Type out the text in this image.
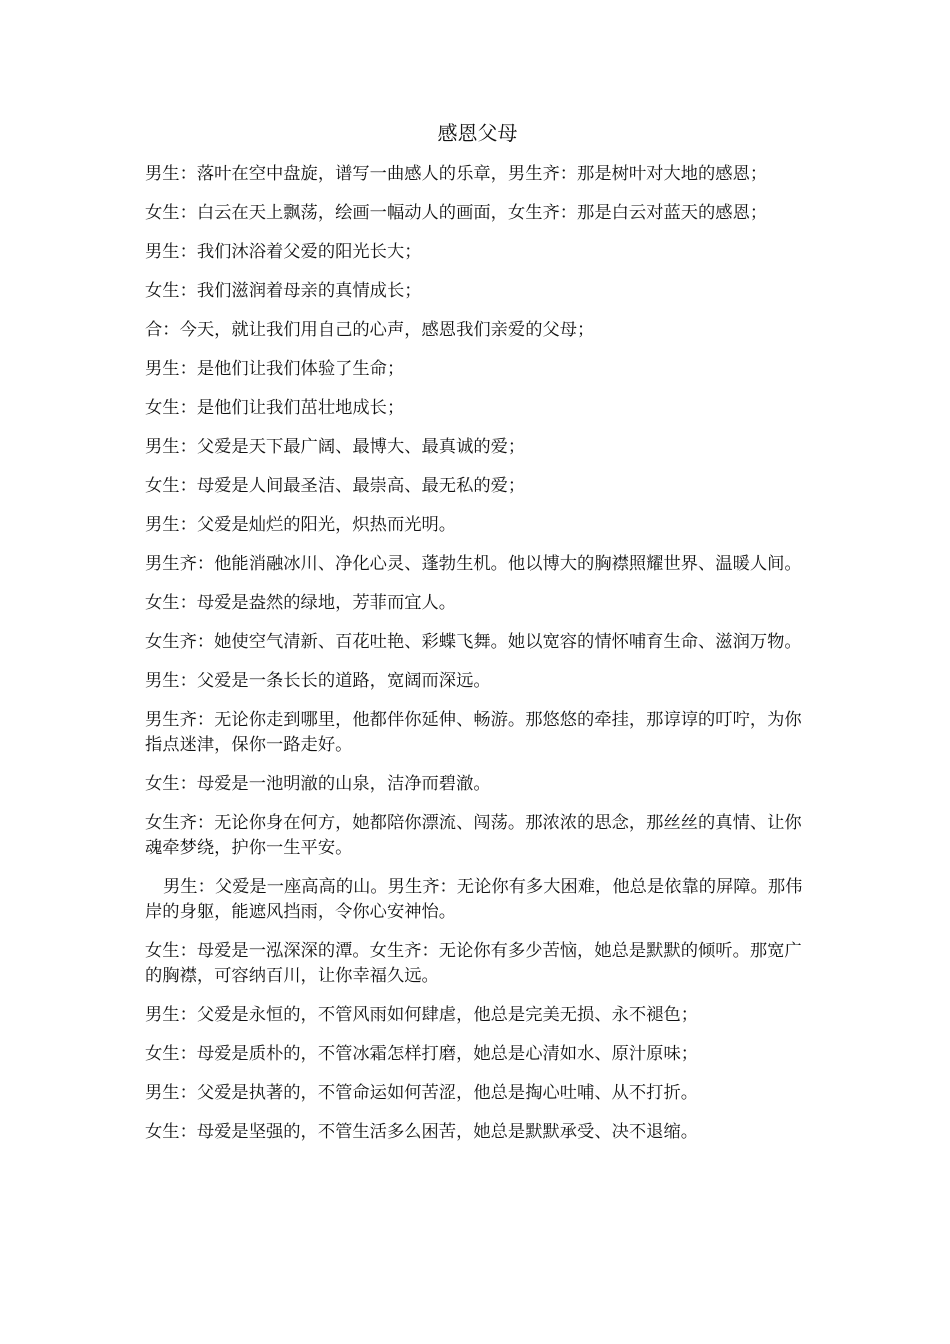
感恩父母
男生：落叶在空中盘旋，谱写一曲感人的乐章，男生齐：那是树叶对大地的感恩；
女生：白云在天上飘荡，绘画一幅动人的画面，女生齐：那是白云对蓝天的感恩；
男生：我们沐浴着父爱的阳光长大；
女生：我们滋润着母亲的真情成长；
合：今天，就让我们用自己的心声，感恩我们亲爱的父母；
男生：是他们让我们体验了生命；
女生：是他们让我们茁壮地成长；
男生：父爱是天下最广阔、最博大、最真诚的爱；
女生：母爱是人间最圣洁、最崇高、最无私的爱；
男生：父爱是灿烂的阳光，炽热而光明。
男生齐：他能消融冰川、净化心灵、蓬勃生机。他以博大的胸襟照耀世界、温暖人间。
女生：母爱是盎然的绿地，芳菲而宜人。
女生齐：她使空气清新、百花吐艳、彩蝶飞舞。她以宽容的情怀哺育生命、滋润万物。
男生：父爱是一条长长的道路，宽阔而深远。
男生齐：无论你走到哪里，他都伴你延伸、畅游。那悠悠的牵挂，那谆谆的叮咛，为你指点迷津，保你一路走好。
女生：母爱是一池明澈的山泉，洁净而碧澈。
女生齐：无论你身在何方，她都陪你漂流、闯荡。那浓浓的思念，那丝丝的真情、让你魂牵梦绕，护你一生平安。
男生：父爱是一座高高的山。男生齐：无论你有多大困难，他总是依靠的屏障。那伟岸的身躯，能遮风挡雨，令你心安神怡。
女生：母爱是一泓深深的潭。女生齐：无论你有多少苦恼，她总是默默的倾听。那宽广的胸襟，可容纳百川，让你幸福久远。
男生：父爱是永恒的，不管风雨如何肆虐，他总是完美无损、永不褪色；
女生：母爱是质朴的，不管冰霜怎样打磨，她总是心清如水、原汁原味；
男生：父爱是执著的，不管命运如何苦涩，他总是掏心吐哺、从不打折。
女生：母爱是坚强的，不管生活多么困苦，她总是默默承受、决不退缩。
